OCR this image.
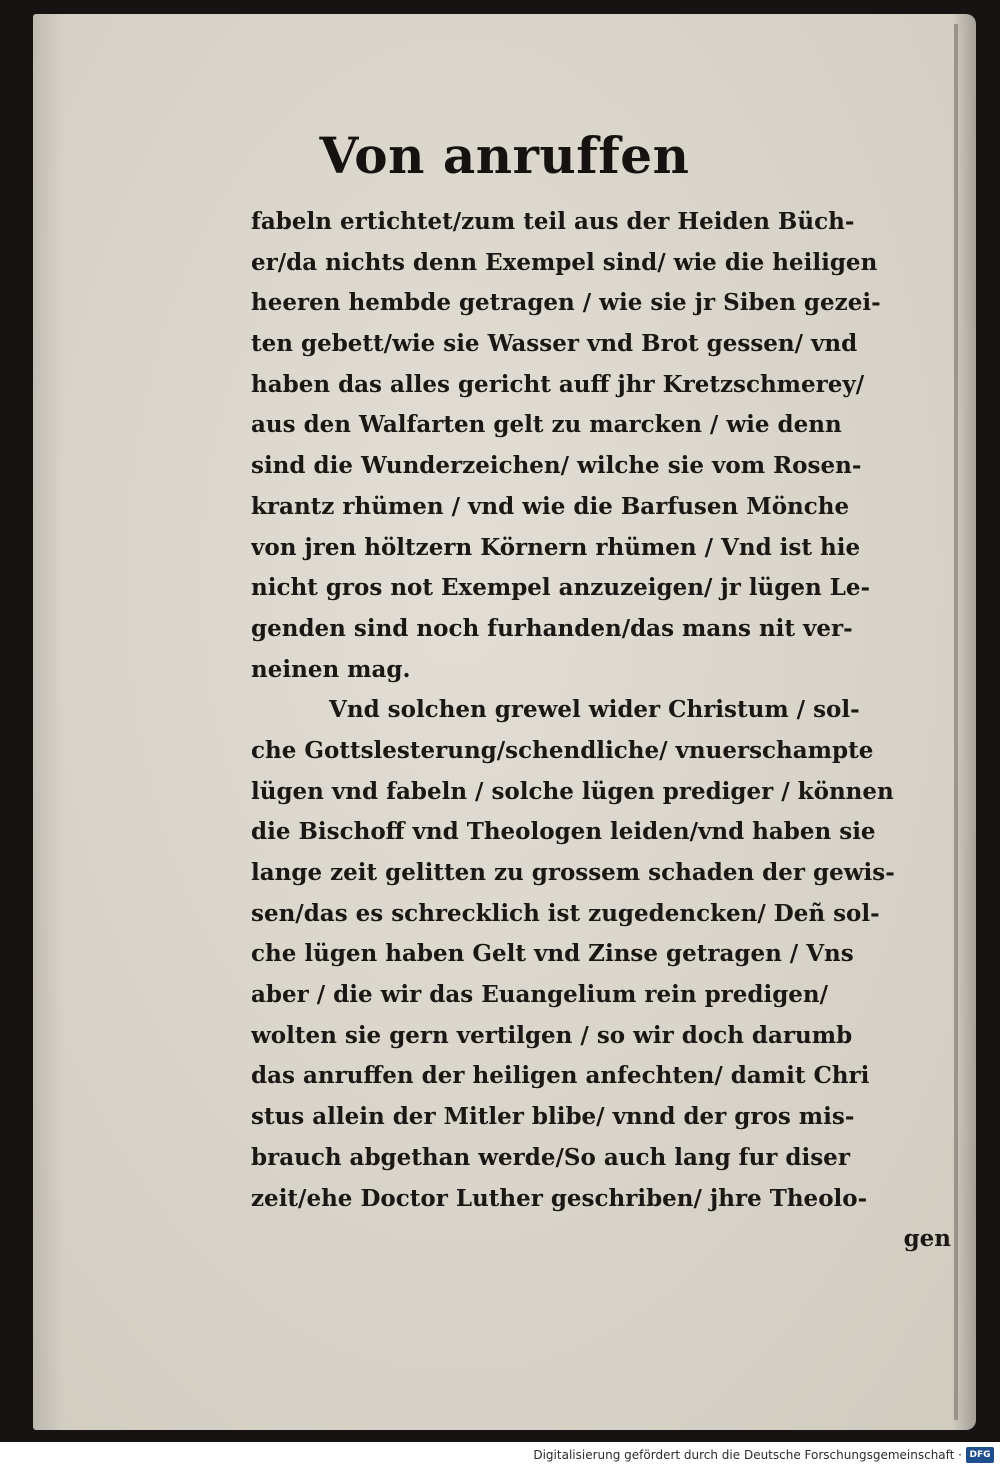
Von anruffen
fabeln ertichtet/zum teil aus der Heiden Büch-
er/da nichts denn Exempel sind/ wie die heiligen
heeren hembde getragen / wie sie jr Siben gezei-
ten gebett/wie sie Wasser vnd Brot gessen/ vnd
haben das alles gericht auff jhr Kretzschmerey/
aus den Walfarten gelt zu marcken / wie denn
sind die Wunderzeichen/ wilche sie vom Rosen-
krantz rhümen / vnd wie die Barfusen Mönche
von jren höltzern Körnern rhümen / Vnd ist hie
nicht gros not Exempel anzuzeigen/ jr lügen Le-
genden sind noch furhanden/das mans nit ver-
neinen mag.
Vnd solchen grewel wider Christum / sol-
che Gottslesterung/schendliche/ vnuerschampte
lügen vnd fabeln / solche lügen prediger / können
die Bischoff vnd Theologen leiden/vnd haben sie
lange zeit gelitten zu grossem schaden der gewis-
sen/das es schrecklich ist zugedencken/ Deñ sol-
che lügen haben Gelt vnd Zinse getragen / Vns
aber / die wir das Euangelium rein predigen/
wolten sie gern vertilgen / so wir doch darumb
das anruffen der heiligen anfechten/ damit Chri
stus allein der Mitler blibe/ vnnd der gros mis-
brauch abgethan werde/So auch lang fur diser
zeit/ehe Doctor Luther geschriben/ jhre Theolo-
gen
Digitalisierung gefördert durch die Deutsche Forschungsgemeinschaft · DFG
